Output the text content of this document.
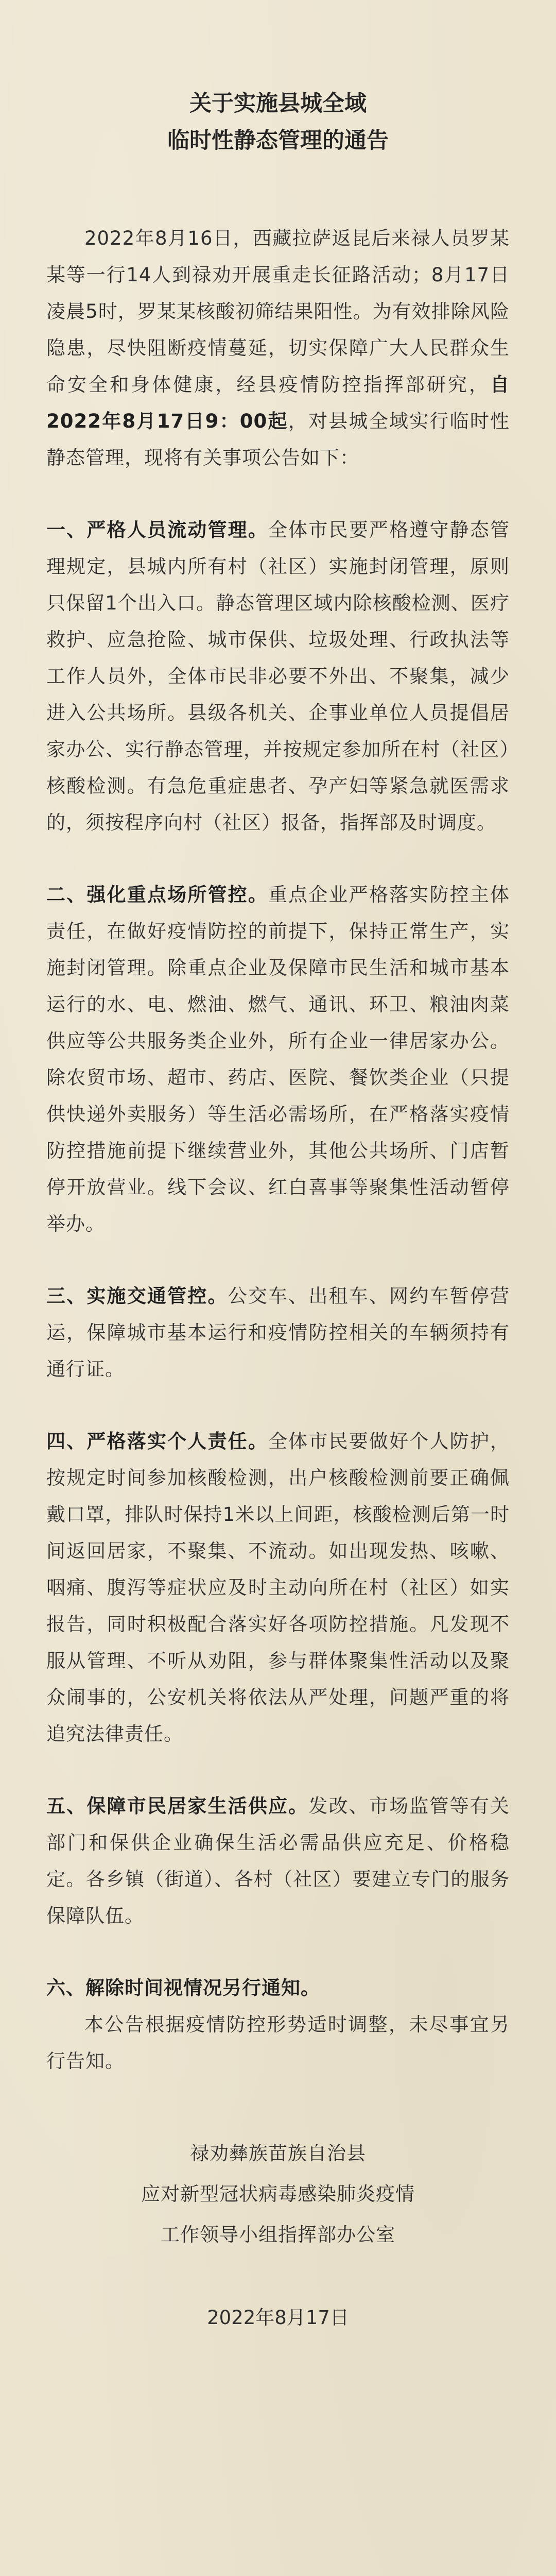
关于实施县城全域
临时性静态管理的通告
2022年8月16日，西藏拉萨返昆后来禄人员罗某某等一行14人到禄劝开展重走长征路活动；8月17日凌晨5时，罗某某核酸初筛结果阳性。为有效排除风险隐患，尽快阻断疫情蔓延，切实保障广大人民群众生命安全和身体健康，经县疫情防控指挥部研究，自2022年8月17日9：00起，对县城全域实行临时性静态管理，现将有关事项公告如下：
一、严格人员流动管理。全体市民要严格遵守静态管理规定，县城内所有村（社区）实施封闭管理，原则只保留1个出入口。静态管理区域内除核酸检测、医疗救护、应急抢险、城市保供、垃圾处理、行政执法等工作人员外，全体市民非必要不外出、不聚集，减少进入公共场所。县级各机关、企事业单位人员提倡居家办公、实行静态管理，并按规定参加所在村（社区）核酸检测。有急危重症患者、孕产妇等紧急就医需求的，须按程序向村（社区）报备，指挥部及时调度。
二、强化重点场所管控。重点企业严格落实防控主体责任，在做好疫情防控的前提下，保持正常生产，实施封闭管理。除重点企业及保障市民生活和城市基本运行的水、电、燃油、燃气、通讯、环卫、粮油肉菜供应等公共服务类企业外，所有企业一律居家办公。除农贸市场、超市、药店、医院、餐饮类企业（只提供快递外卖服务）等生活必需场所，在严格落实疫情防控措施前提下继续营业外，其他公共场所、门店暂停开放营业。线下会议、红白喜事等聚集性活动暂停举办。
三、实施交通管控。公交车、出租车、网约车暂停营运，保障城市基本运行和疫情防控相关的车辆须持有通行证。
四、严格落实个人责任。全体市民要做好个人防护，按规定时间参加核酸检测，出户核酸检测前要正确佩戴口罩，排队时保持1米以上间距，核酸检测后第一时间返回居家，不聚集、不流动。如出现发热、咳嗽、咽痛、腹泻等症状应及时主动向所在村（社区）如实报告，同时积极配合落实好各项防控措施。凡发现不服从管理、不听从劝阻，参与群体聚集性活动以及聚众闹事的，公安机关将依法从严处理，问题严重的将追究法律责任。
五、保障市民居家生活供应。发改、市场监管等有关部门和保供企业确保生活必需品供应充足、价格稳定。各乡镇（街道）、各村（社区）要建立专门的服务保障队伍。
六、解除时间视情况另行通知。
本公告根据疫情防控形势适时调整，未尽事宜另行告知。
禄劝彝族苗族自治县
应对新型冠状病毒感染肺炎疫情
工作领导小组指挥部办公室
2022年8月17日
